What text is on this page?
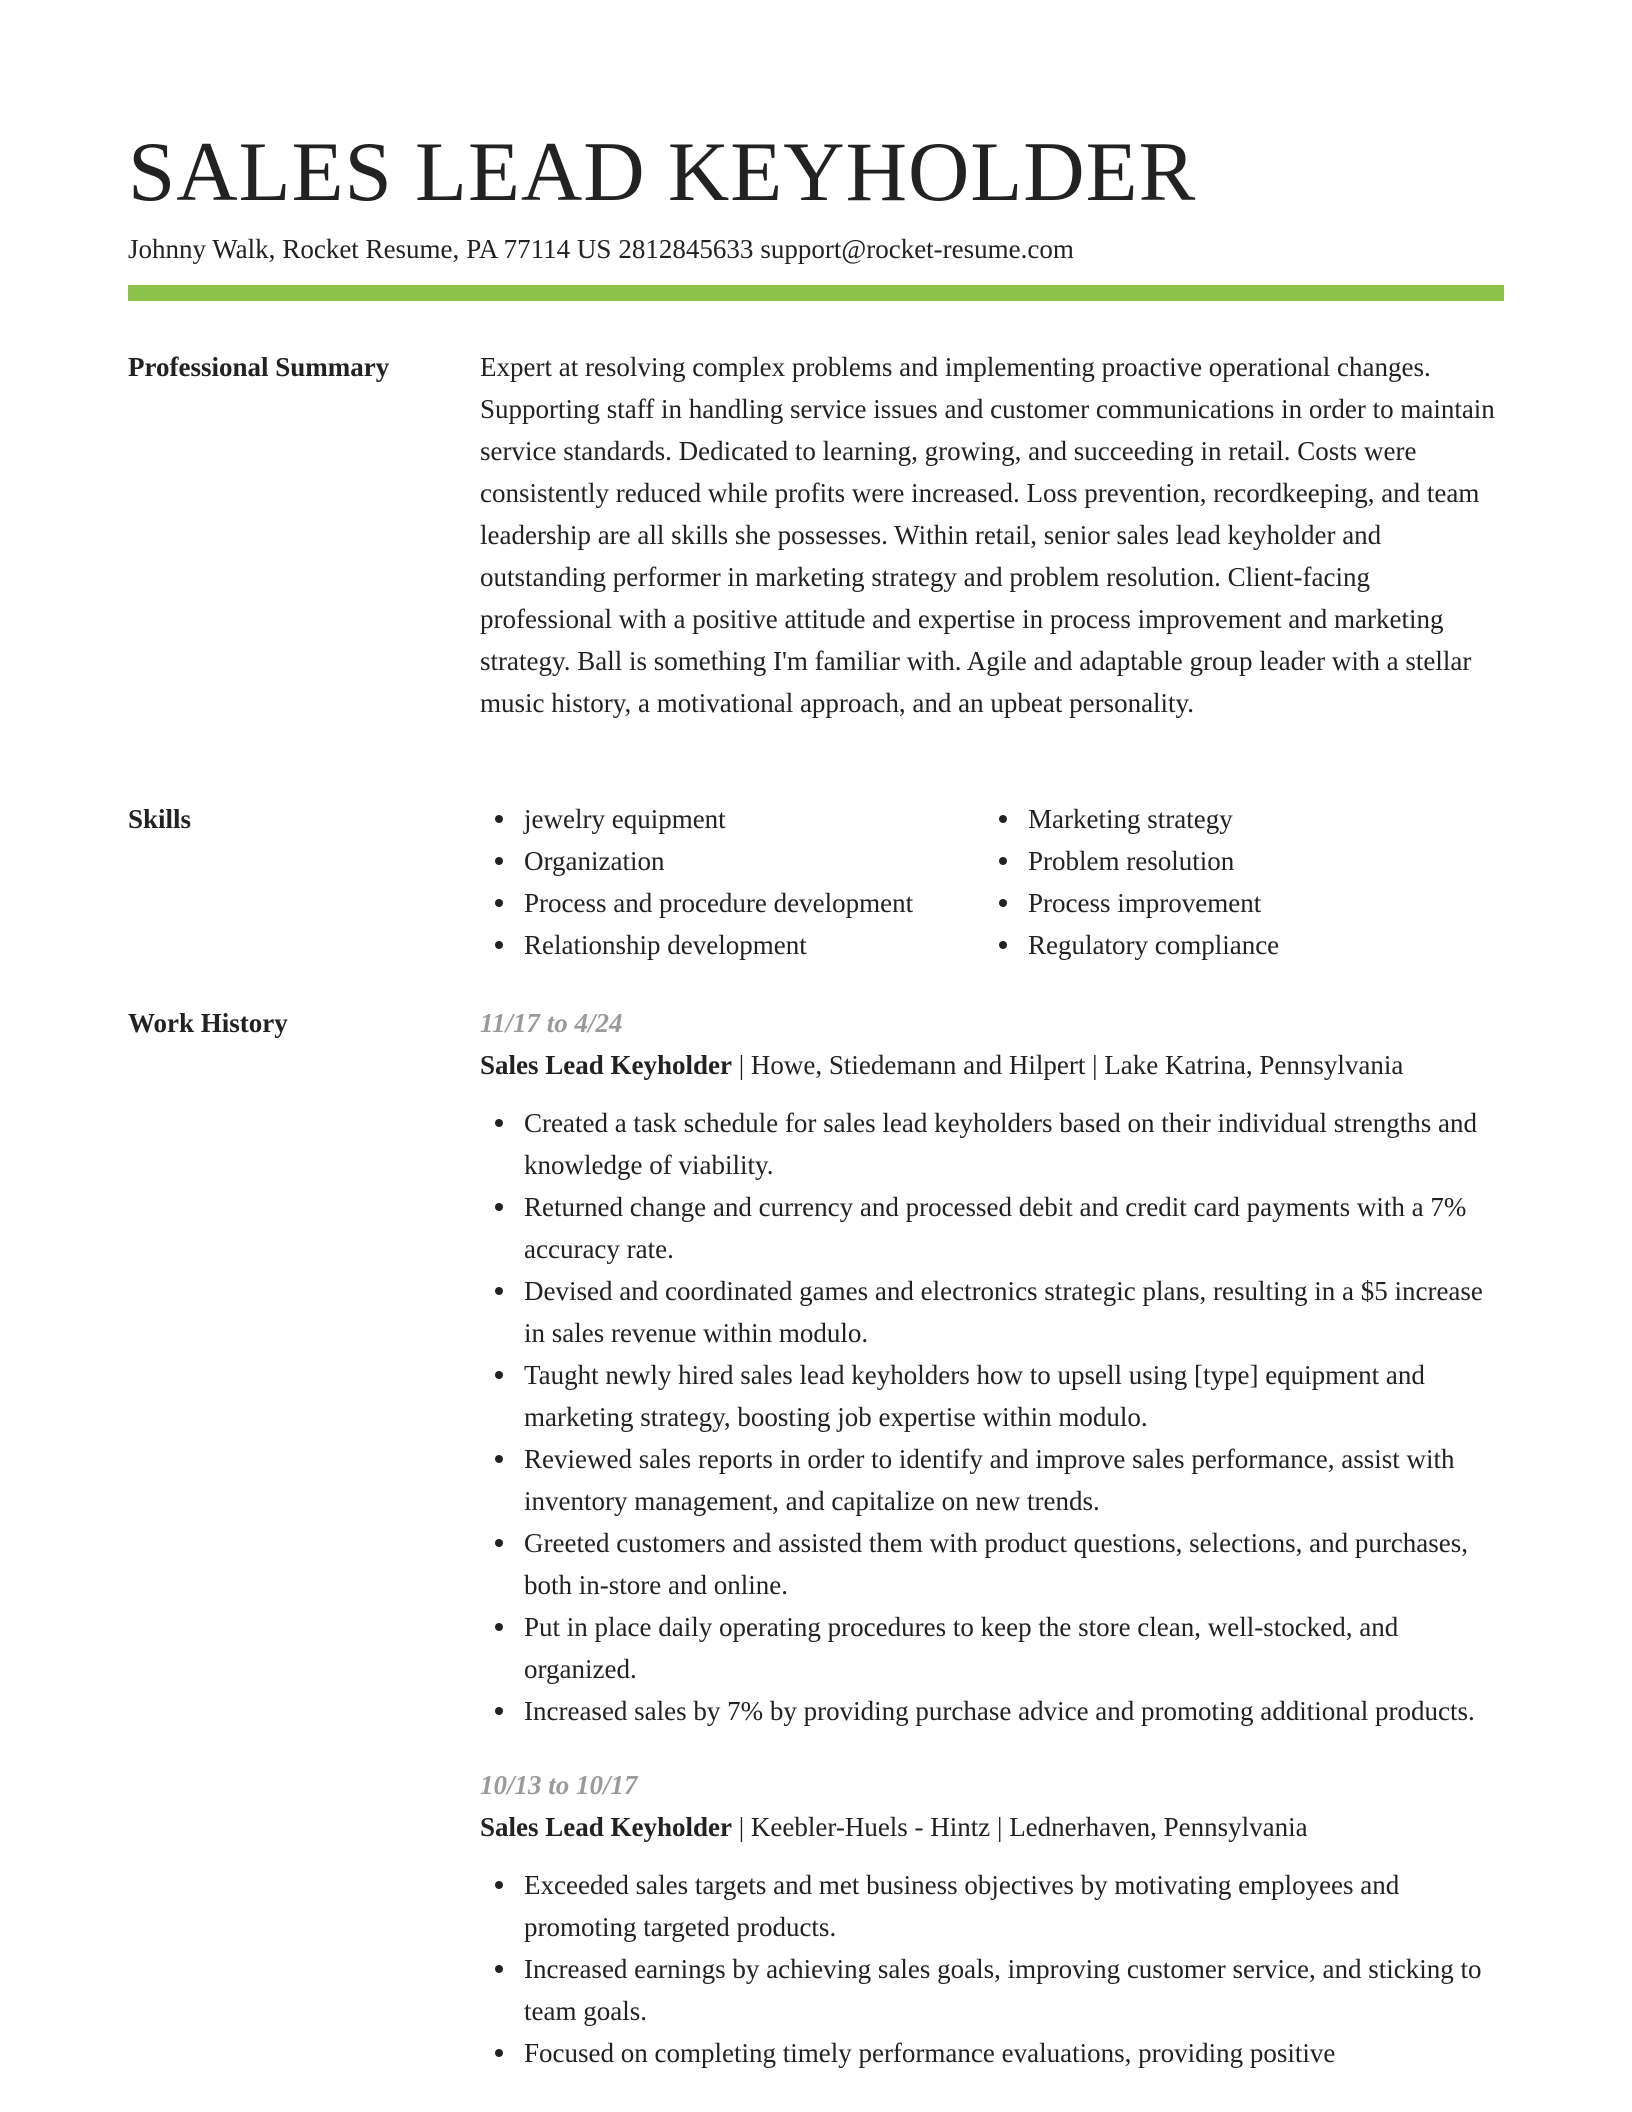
SALES LEAD KEYHOLDER
Johnny Walk, Rocket Resume, PA 77114 US 2812845633 support@rocket-resume.com
Professional Summary	Expert at resolving complex problems and implementing proactive operational changes. Supporting staff in handling service issues and customer communications in order to maintain service standards. Dedicated to learning, growing, and succeeding in retail. Costs were consistently reduced while profits were increased. Loss prevention, recordkeeping, and team leadership are all skills she possesses. Within retail, senior sales lead keyholder and outstanding performer in marketing strategy and problem resolution. Client-facing professional with a positive attitude and expertise in process improvement and marketing strategy. Ball is something I'm familiar with. Agile and adaptable group leader with a stellar music history, a motivational approach, and an upbeat personality.

Skills	jewelry equipment
Organization
Process and procedure development
Relationship development
Marketing strategy
Problem resolution
Process improvement
Regulatory compliance
Work History	11/17 to 4/24
Sales Lead Keyholder | Howe, Stiedemann and Hilpert | Lake Katrina, Pennsylvania
Created a task schedule for sales lead keyholders based on their individual strengths and knowledge of viability.
Returned change and currency and processed debit and credit card payments with a 7% accuracy rate.
Devised and coordinated games and electronics strategic plans, resulting in a $5 increase in sales revenue within modulo.
Taught newly hired sales lead keyholders how to upsell using [type] equipment and marketing strategy, boosting job expertise within modulo.
Reviewed sales reports in order to identify and improve sales performance, assist with inventory management, and capitalize on new trends.
Greeted customers and assisted them with product questions, selections, and purchases, both in-store and online.
Put in place daily operating procedures to keep the store clean, well-stocked, and organized.
Increased sales by 7% by providing purchase advice and promoting additional products.
10/13 to 10/17
Sales Lead Keyholder | Keebler-Huels - Hintz | Lednerhaven, Pennsylvania
Exceeded sales targets and met business objectives by motivating employees and promoting targeted products.
Increased earnings by achieving sales goals, improving customer service, and sticking to team goals.
Focused on completing timely performance evaluations, providing positive
